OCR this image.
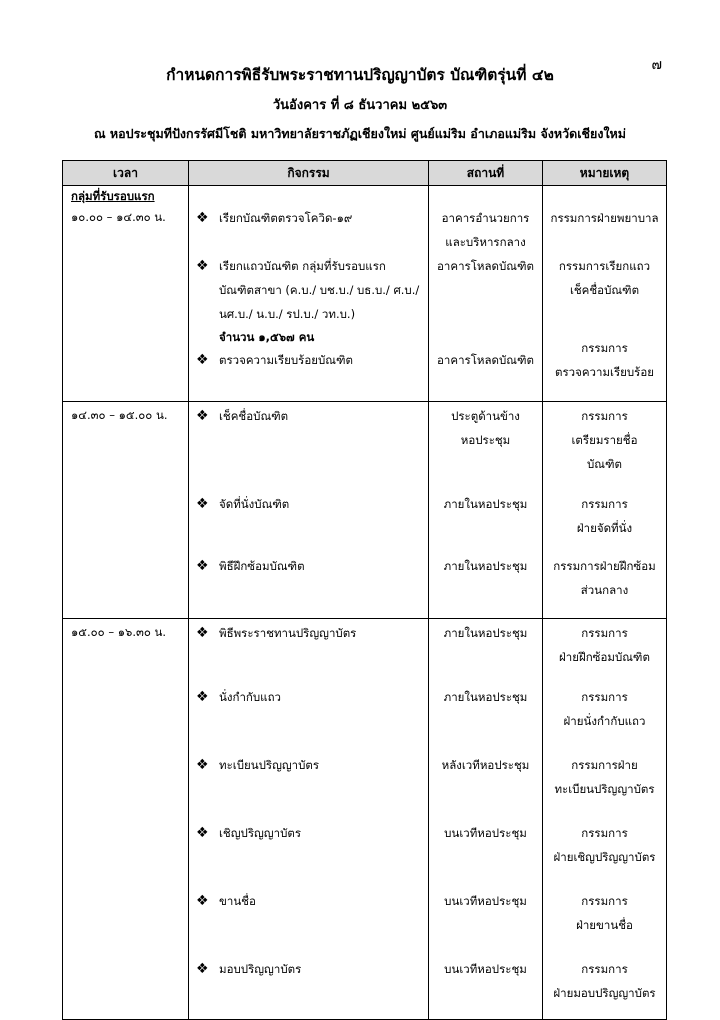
๗
กำหนดการพิธีรับพระราชทานปริญญาบัตร บัณฑิตรุ่นที่ ๔๒
วันอังคาร ที่ ๘ ธันวาคม ๒๕๖๓
ณ หอประชุมทีปังกรรัศมีโชติ มหาวิทยาลัยราชภัฏเชียงใหม่ ศูนย์แม่ริม อำเภอแม่ริม จังหวัดเชียงใหม่
เวลา	กิจกรรม	สถานที่	หมายเหตุ
กลุ่มที่รับรอบแรก
๑๐.๐๐ – ๑๔.๓๐ น.	❖ เรียกบัณฑิตตรวจโควิด-๑๙	อาคารอำนวยการ
และบริหารกลาง	กรรมการฝ่ายพยาบาล

	❖ เรียกแถวบัณฑิต กลุ่มที่รับรอบแรก
บัณฑิตสาขา (ค.บ./ บช.บ./ บธ.บ./ ศ.บ./
นศ.บ./ น.บ./ รป.บ./ วท.บ.)
จำนวน ๑,๕๖๗ คน	อาคารโหลดบัณฑิต	กรรมการเรียกแถว
เช็คชื่อบัณฑิต

	❖ ตรวจความเรียบร้อยบัณฑิต	อาคารโหลดบัณฑิต	กรรมการ
ตรวจความเรียบร้อย

๑๔.๓๐ – ๑๕.๐๐ น.	❖ เช็คชื่อบัณฑิต	ประตูด้านข้าง
หอประชุม	กรรมการ
เตรียมรายชื่อ
บัณฑิต

	❖ จัดที่นั่งบัณฑิต	ภายในหอประชุม	กรรมการ
ฝ่ายจัดที่นั่ง

	❖ พิธีฝึกซ้อมบัณฑิต	ภายในหอประชุม	กรรมการฝ่ายฝึกซ้อม
ส่วนกลาง

๑๕.๐๐ – ๑๖.๓๐ น.	❖ พิธีพระราชทานปริญญาบัตร	ภายในหอประชุม	กรรมการ
ฝ่ายฝึกซ้อมบัณฑิต

	❖ นั่งกำกับแถว	ภายในหอประชุม	กรรมการ
ฝ่ายนั่งกำกับแถว

	❖ ทะเบียนปริญญาบัตร	หลังเวทีหอประชุม	กรรมการฝ่าย
ทะเบียนปริญญาบัตร

	❖ เชิญปริญญาบัตร	บนเวทีหอประชุม	กรรมการ
ฝ่ายเชิญปริญญาบัตร

	❖ ขานชื่อ	บนเวทีหอประชุม	กรรมการ
ฝ่ายขานชื่อ

	❖ มอบปริญญาบัตร	บนเวทีหอประชุม	กรรมการ
ฝ่ายมอบปริญญาบัตร
